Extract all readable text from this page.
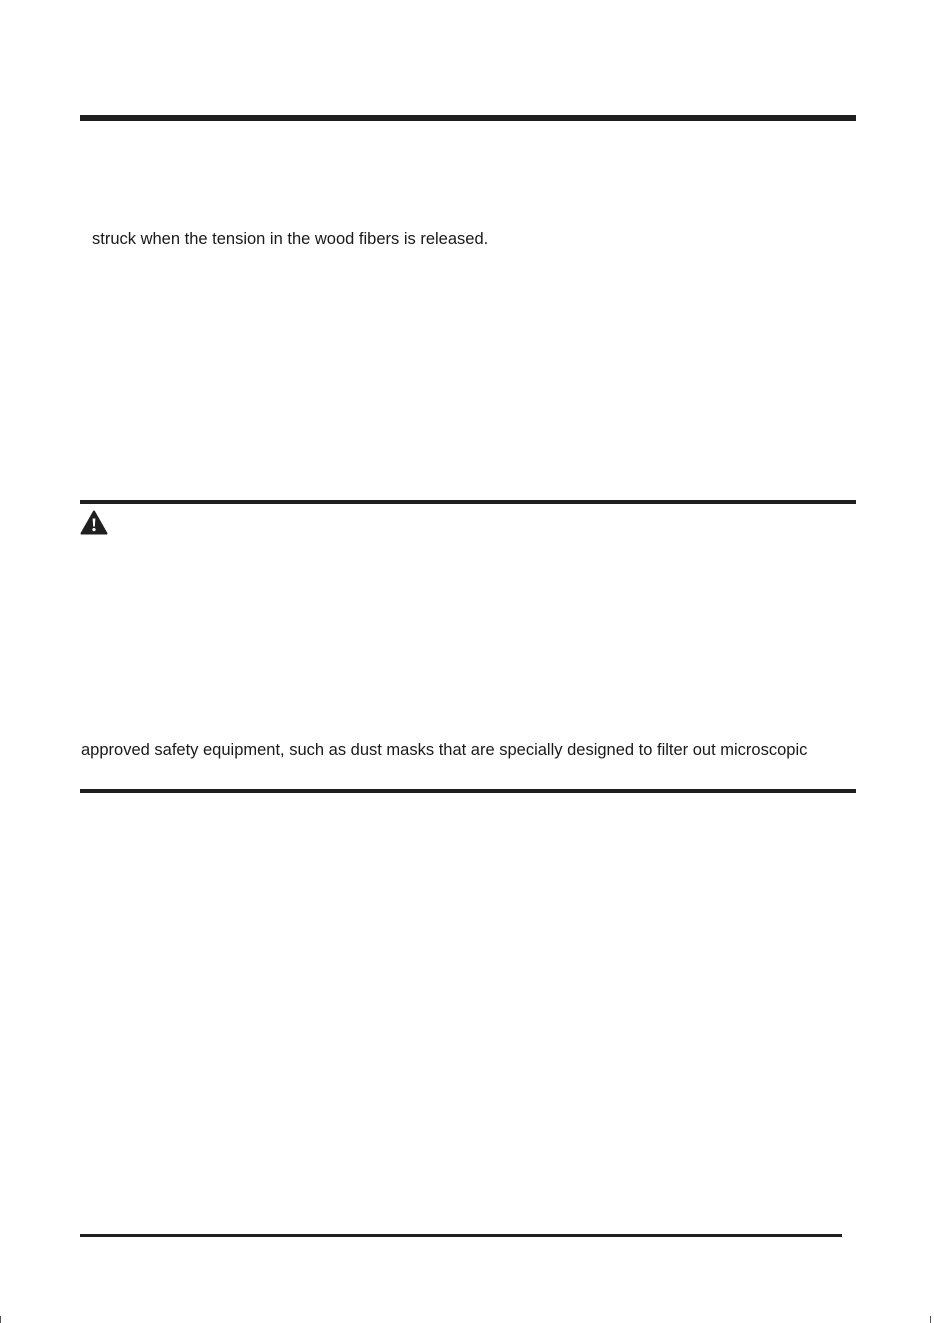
struck when the tension in the wood fibers is released.
approved safety equipment, such as dust masks that are specially designed to filter out microscopic
